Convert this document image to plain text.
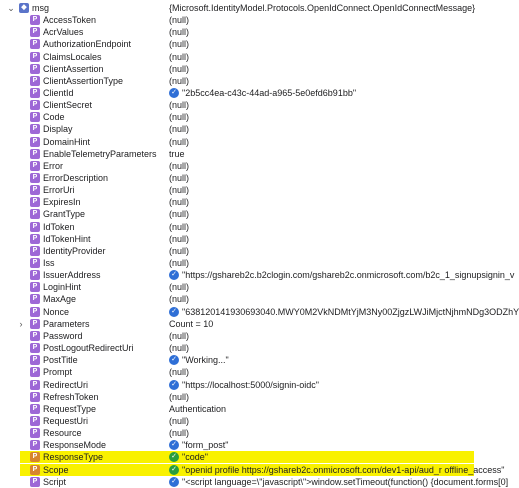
⌄ ◆ msg	{Microsoft.IdentityModel.Protocols.OpenIdConnect.OpenIdConnectMessage}
P AccessToken	(null)
P AcrValues	(null)
P AuthorizationEndpoint	(null)
P ClaimsLocales	(null)
P ClientAssertion	(null)
P ClientAssertionType	(null)
P ClientId	✓ "2b5cc4ea-c43c-44ad-a965-5e0efd6b91bb"
P ClientSecret	(null)
P Code	(null)
P Display	(null)
P DomainHint	(null)
P EnableTelemetryParameters true
P Error	(null)
P ErrorDescription	(null)
P ErrorUri	(null)
P ExpiresIn	(null)
P GrantType	(null)
P IdToken	(null)
P IdTokenHint	(null)
P IdentityProvider	(null)
P Iss	(null)
P IssuerAddress	✓ "https://gshareb2c.b2clogin.com/gshareb2c.onmicrosoft.com/b2c_1_signupsignin_v
P LoginHint	(null)
P MaxAge	(null)
P Nonce	✓ "638120141930693040.MWY0M2VkNDMtYjM3Ny00ZjgzLWJiMjctNjhmNDg3ODZhY
›	P Parameters	Count = 10
P Password	(null)
P PostLogoutRedirectUri	(null)
P PostTitle	✓ "Working..."
P Prompt	(null)
P RedirectUri	✓ "https://localhost:5000/signin-oidc"
P RefreshToken	(null)
P RequestType	Authentication
P RequestUri	(null)
P Resource	(null)
P ResponseMode	✓ "form_post"
P ResponseType	✓ "code"
P Scope	✓ "openid profile https://gshareb2c.onmicrosoft.com/dev1-api/aud_r offline_access"
P Script	✓ "<script language=\"javascript\">window.setTimeout(function() {document.forms[0]
